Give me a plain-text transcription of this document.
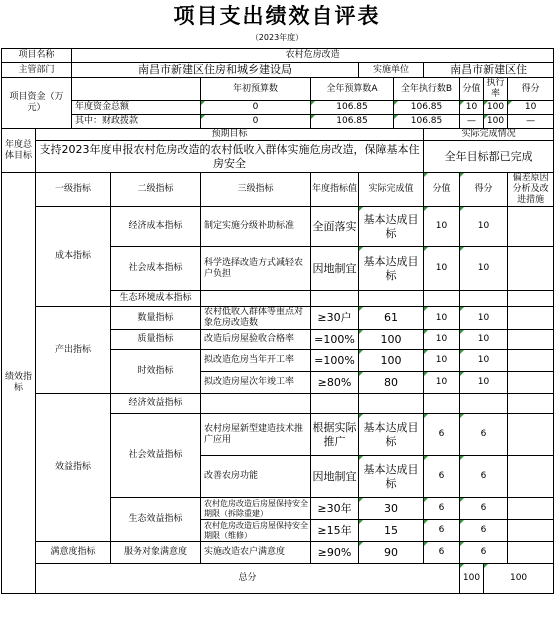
项目支出绩效自评表
（2023年度）
项目名称		农村危房改造										
主管部门		南昌市新建区住房和城乡建设局				实施单位		南昌市新建区住				
项目资金（万元）				年初预算数	全年预算数A		全年执行数B		分值	执行率	得分	
		年度资金总额		0	106.85		106.85		10	100	10	
		其中：财政拨款		0	106.85		106.85		—	100	—	
年度总体目标	预期目标							实际完成情况				
	支持2023年度申报农村危房改造的农村低收入群体实施危房改造，保障基本住房安全							全年目标都已完成				
绩效指标	一级指标		二级指标	三级指标	年度指标值	实际完成值		分值	得分		偏差原因分析及改进措施	
	成本指标		经济成本指标	制定实施分级补助标准	全面落实	基本达成目标		10	10			
			社会成本指标	科学选择改造方式减轻农户负担	因地制宜	基本达成目标		10	10			
			生态环境成本指标									
	产出指标		数量指标	农村低收入群体等重点对象危房改造数	≥30户	61		10	10			
			质量指标	改造后房屋验收合格率	=100%	100		10	10			
			时效指标	拟改造危房当年开工率	=100%	100		10	10			
				拟改造房屋次年竣工率	≥80%	80		10	10			
	效益指标		经济效益指标									
			社会效益指标	农村房屋新型建造技术推广应用	根据实际推广	基本达成目标		6	6			
				改善农房功能	因地制宜	基本达成目标		6	6			
			生态效益指标	农村危房改造后房屋保持安全期限（拆除重建）	≥30年	30		6	6			
				农村危房改造后房屋保持安全期限（维修）	≥15年	15		6	6			
	满意度指标		服务对象满意度	实施改造农户满意度	≥90%	90		6	6			
	总分								100	100		
